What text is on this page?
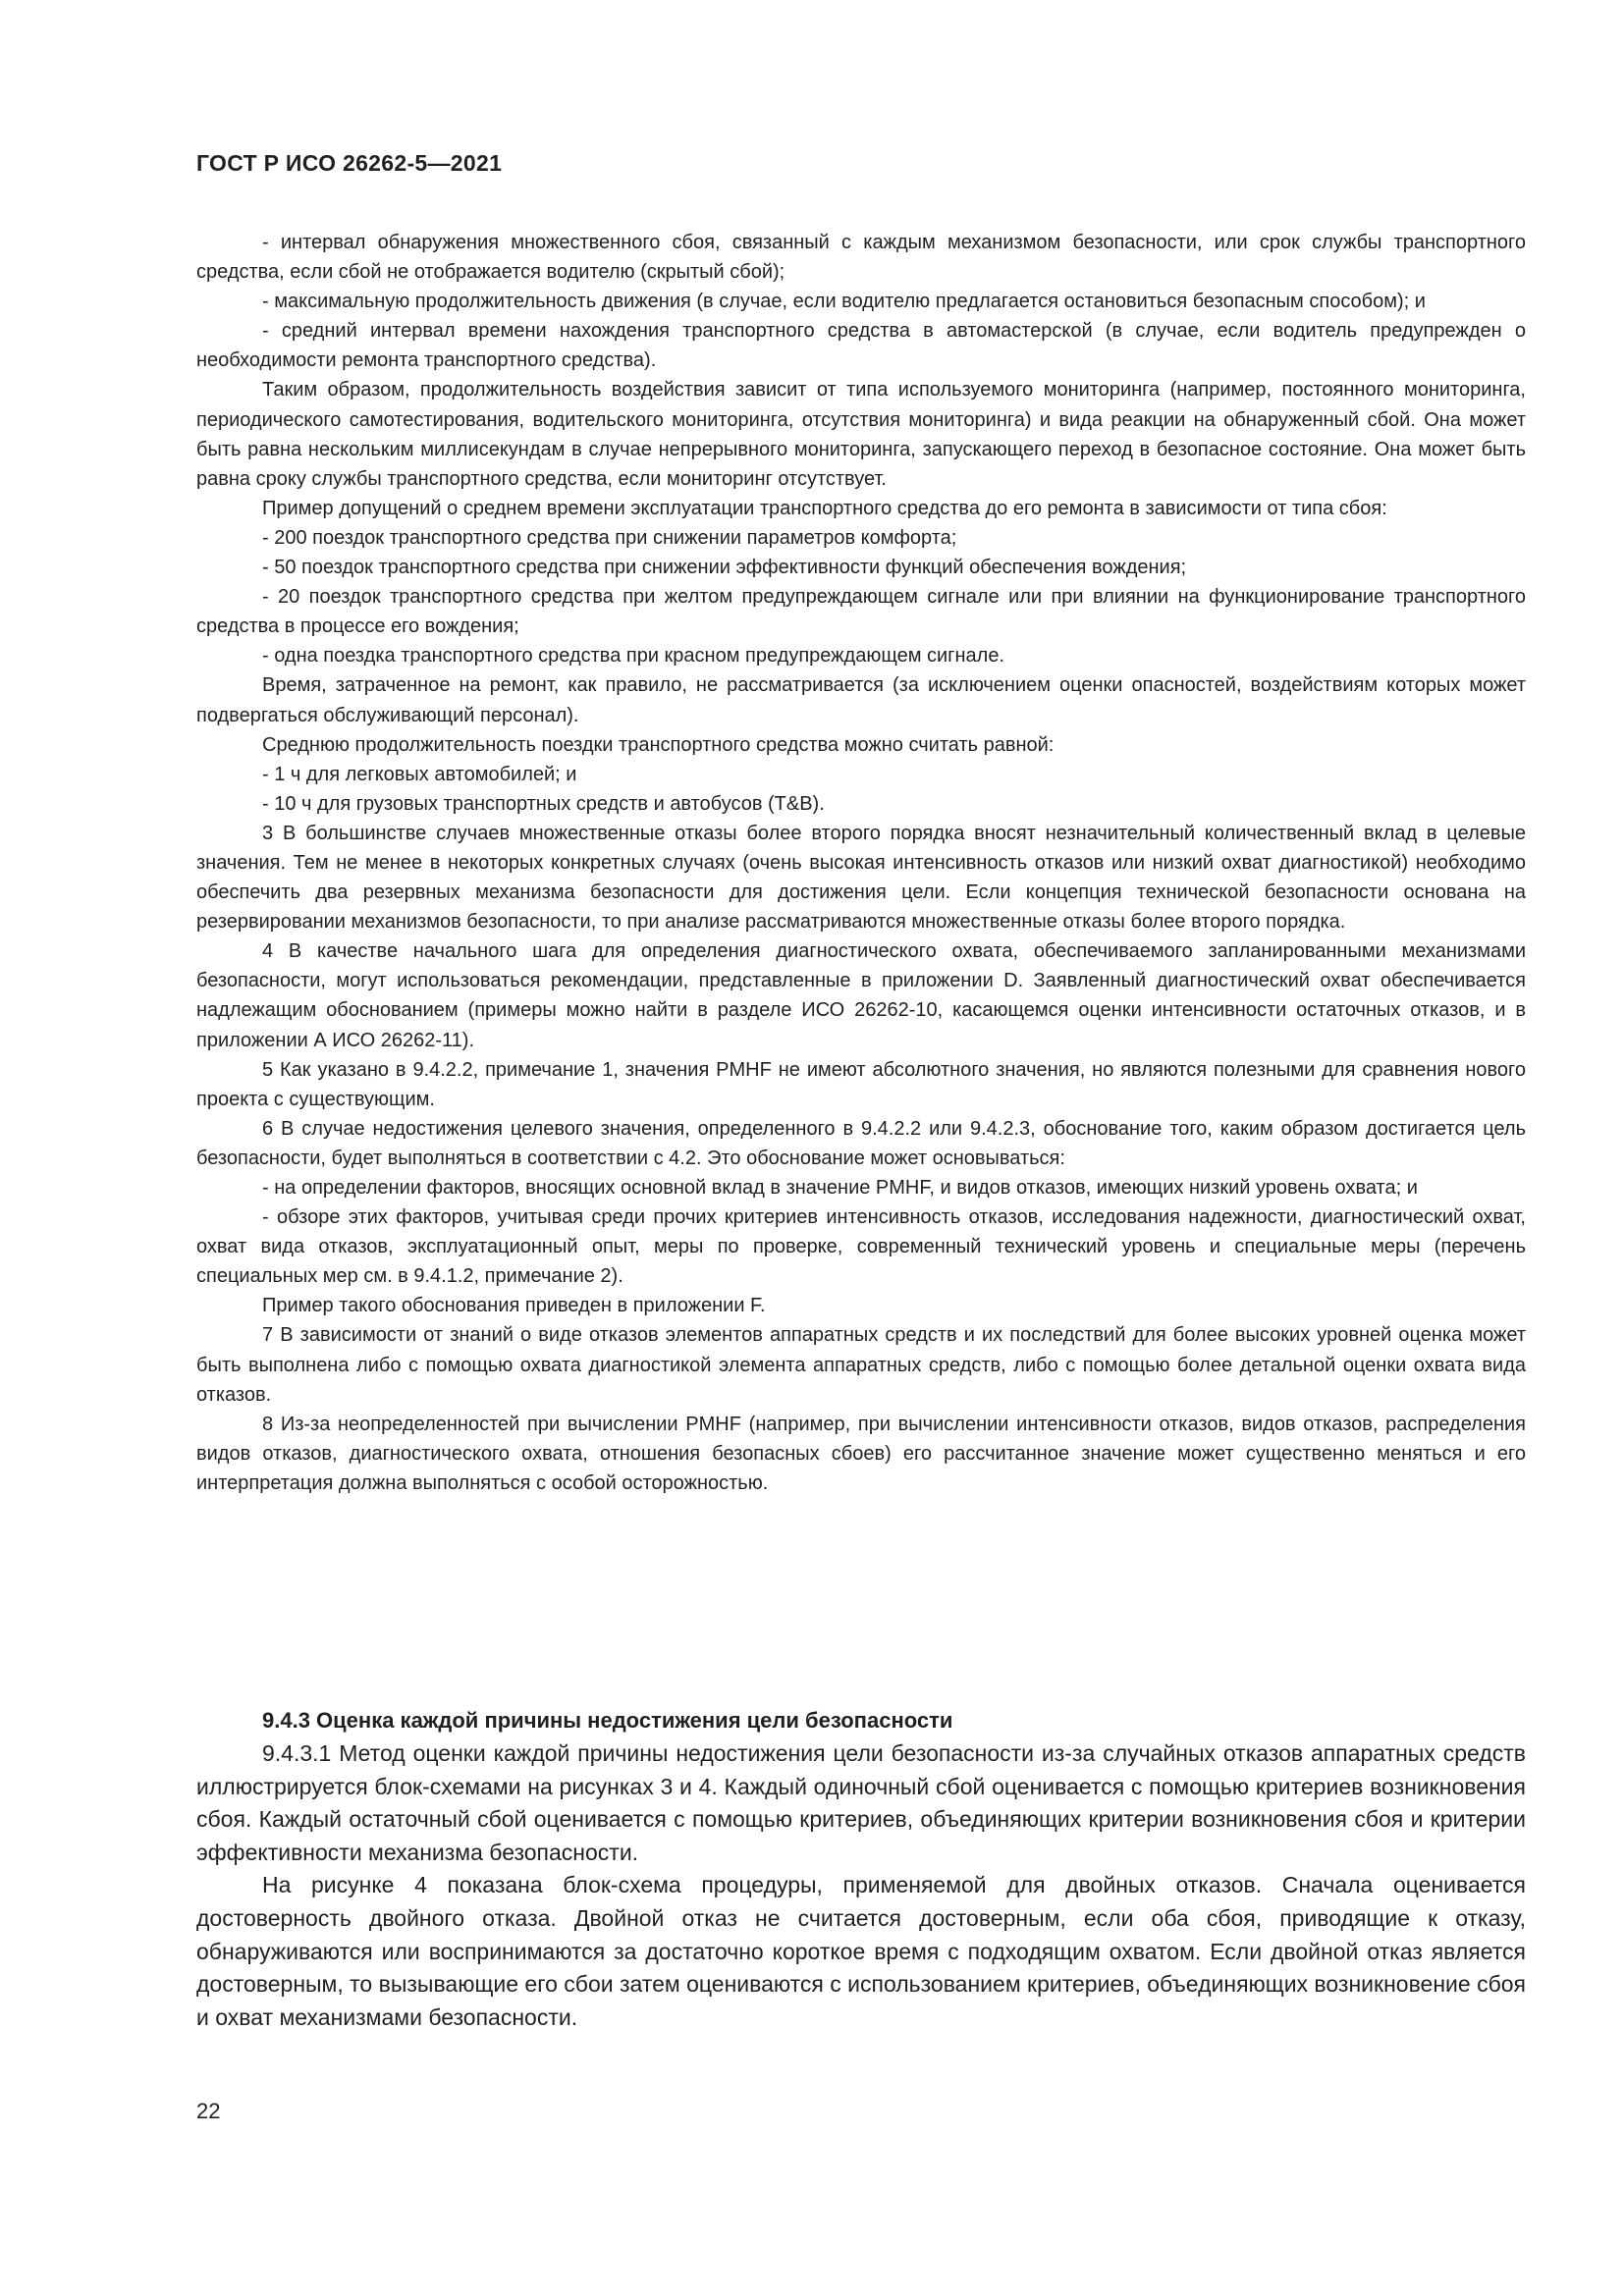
ГОСТ Р ИСО 26262-5—2021

- интервал обнаружения множественного сбоя, связанный с каждым механизмом безопасности, или срок службы транспортного средства, если сбой не отображается водителю (скрытый сбой);

- максимальную продолжительность движения (в случае, если водителю предлагается остановиться безопасным способом); и

- средний интервал времени нахождения транспортного средства в автомастерской (в случае, если водитель предупрежден о необходимости ремонта транспортного средства).

Таким образом, продолжительность воздействия зависит от типа используемого мониторинга (например, постоянного мониторинга, периодического самотестирования, водительского мониторинга, отсутствия мониторинга) и вида реакции на обнаруженный сбой. Она может быть равна нескольким миллисекундам в случае непрерывного мониторинга, запускающего переход в безопасное состояние. Она может быть равна сроку службы транспортного средства, если мониторинг отсутствует.

Пример допущений о среднем времени эксплуатации транспортного средства до его ремонта в зависимости от типа сбоя:

- 200 поездок транспортного средства при снижении параметров комфорта;

- 50 поездок транспортного средства при снижении эффективности функций обеспечения вождения;

- 20 поездок транспортного средства при желтом предупреждающем сигнале или при влиянии на функционирование транспортного средства в процессе его вождения;

- одна поездка транспортного средства при красном предупреждающем сигнале.

Время, затраченное на ремонт, как правило, не рассматривается (за исключением оценки опасностей, воздействиям которых может подвергаться обслуживающий персонал).

Среднюю продолжительность поездки транспортного средства можно считать равной:

- 1 ч для легковых автомобилей; и

- 10 ч для грузовых транспортных средств и автобусов (T&B).

3 В большинстве случаев множественные отказы более второго порядка вносят незначительный количественный вклад в целевые значения. Тем не менее в некоторых конкретных случаях (очень высокая интенсивность отказов или низкий охват диагностикой) необходимо обеспечить два резервных механизма безопасности для достижения цели. Если концепция технической безопасности основана на резервировании механизмов безопасности, то при анализе рассматриваются множественные отказы более второго порядка.

4 В качестве начального шага для определения диагностического охвата, обеспечиваемого запланированными механизмами безопасности, могут использоваться рекомендации, представленные в приложении D. Заявленный диагностический охват обеспечивается надлежащим обоснованием (примеры можно найти в разделе ИСО 26262-10, касающемся оценки интенсивности остаточных отказов, и в приложении А ИСО 26262-11).

5 Как указано в 9.4.2.2, примечание 1, значения PMHF не имеют абсолютного значения, но являются полезными для сравнения нового проекта с существующим.

6 В случае недостижения целевого значения, определенного в 9.4.2.2 или 9.4.2.3, обоснование того, каким образом достигается цель безопасности, будет выполняться в соответствии с 4.2. Это обоснование может основываться:

- на определении факторов, вносящих основной вклад в значение PMHF, и видов отказов, имеющих низкий уровень охвата; и

- обзоре этих факторов, учитывая среди прочих критериев интенсивность отказов, исследования надежности, диагностический охват, охват вида отказов, эксплуатационный опыт, меры по проверке, современный технический уровень и специальные меры (перечень специальных мер см. в 9.4.1.2, примечание 2).

Пример такого обоснования приведен в приложении F.

7 В зависимости от знаний о виде отказов элементов аппаратных средств и их последствий для более высоких уровней оценка может быть выполнена либо с помощью охвата диагностикой элемента аппаратных средств, либо с помощью более детальной оценки охвата вида отказов.

8 Из-за неопределенностей при вычислении PMHF (например, при вычислении интенсивности отказов, видов отказов, распределения видов отказов, диагностического охвата, отношения безопасных сбоев) его рассчитанное значение может существенно меняться и его интерпретация должна выполняться с особой осторожностью.

9.4.3 Оценка каждой причины недостижения цели безопасности

9.4.3.1 Метод оценки каждой причины недостижения цели безопасности из-за случайных отказов аппаратных средств иллюстрируется блок-схемами на рисунках 3 и 4. Каждый одиночный сбой оценивается с помощью критериев возникновения сбоя. Каждый остаточный сбой оценивается с помощью критериев, объединяющих критерии возникновения сбоя и критерии эффективности механизма безопасности.

На рисунке 4 показана блок-схема процедуры, применяемой для двойных отказов. Сначала оценивается достоверность двойного отказа. Двойной отказ не считается достоверным, если оба сбоя, приводящие к отказу, обнаруживаются или воспринимаются за достаточно короткое время с подходящим охватом. Если двойной отказ является достоверным, то вызывающие его сбои затем оцениваются с использованием критериев, объединяющих возникновение сбоя и охват механизмами безопасности.

22
